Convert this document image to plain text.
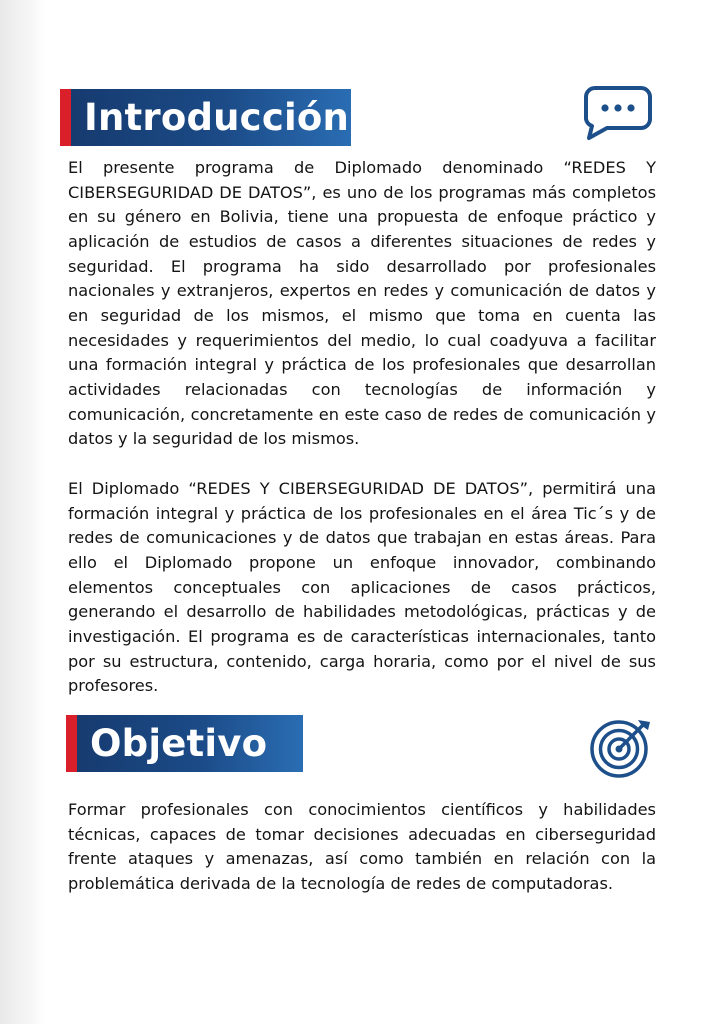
Introducción

El presente programa de Diplomado denominado “REDES Y CIBERSEGURIDAD DE DATOS”, es uno de los programas más completos en su género en Bolivia, tiene una propuesta de enfoque práctico y aplicación de estudios de casos a diferentes situaciones de redes y seguridad. El programa ha sido desarrollado por profesionales nacionales y extranjeros, expertos en redes y comunicación de datos y en seguridad de los mismos, el mismo que toma en cuenta las necesidades y requerimientos del medio, lo cual coadyuva a facilitar una formación integral y práctica de los profesionales que desarrollan actividades relacionadas con tecnologías de información y comunicación, concretamente en este caso de redes de comunicación y datos y la seguridad de los mismos.

El Diplomado “REDES Y CIBERSEGURIDAD DE DATOS”, permitirá una formación integral y práctica de los profesionales en el área Tic´s y de redes de comunicaciones y de datos que trabajan en estas áreas. Para ello el Diplomado propone un enfoque innovador, combinando elementos conceptuales con aplicaciones de casos prácticos, generando el desarrollo de habilidades metodológicas, prácticas y de investigación. El programa es de características internacionales, tanto por su estructura, contenido, carga horaria, como por el nivel de sus profesores.

Objetivo

Formar profesionales con conocimientos científicos y habilidades técnicas, capaces de tomar decisiones adecuadas en ciberseguridad frente ataques y amenazas, así como también en relación con la problemática derivada de la tecnología de redes de computadoras.
